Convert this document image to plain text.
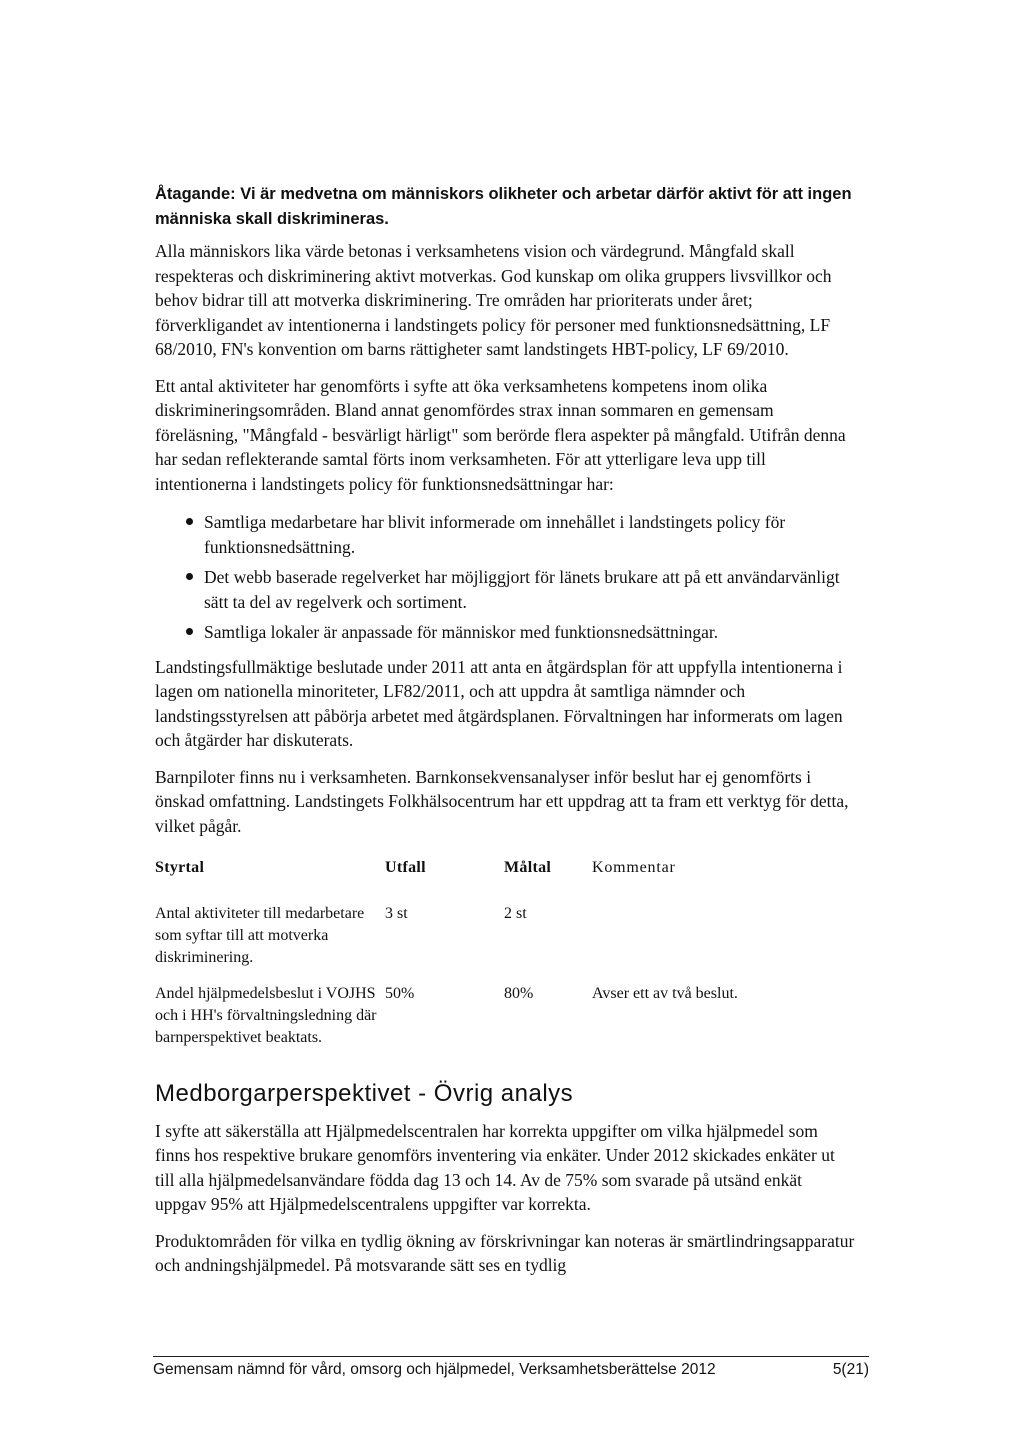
Åtagande: Vi är medvetna om människors olikheter och arbetar därför aktivt för att ingen människa skall diskrimineras.

Alla människors lika värde betonas i verksamhetens vision och värdegrund. Mångfald skall respekteras och diskriminering aktivt motverkas. God kunskap om olika gruppers livsvillkor och behov bidrar till att motverka diskriminering. Tre områden har prioriterats under året; förverkligandet av intentionerna i landstingets policy för personer med funktionsnedsättning, LF 68/2010, FN's konvention om barns rättigheter samt landstingets HBT-policy, LF 69/2010.

Ett antal aktiviteter har genomförts i syfte att öka verksamhetens kompetens inom olika diskrimineringsområden. Bland annat genomfördes strax innan sommaren en gemensam föreläsning, "Mångfald - besvärligt härligt" som berörde flera aspekter på mångfald. Utifrån denna har sedan reflekterande samtal förts inom verksamheten. För att ytterligare leva upp till intentionerna i landstingets policy för funktionsnedsättningar har:

Samtliga medarbetare har blivit informerade om innehållet i landstingets policy för funktionsnedsättning.
Det webb baserade regelverket har möjliggjort för länets brukare att på ett användarvänligt sätt ta del av regelverk och sortiment.
Samtliga lokaler är anpassade för människor med funktionsnedsättningar.

Landstingsfullmäktige beslutade under 2011 att anta en åtgärdsplan för att uppfylla intentionerna i lagen om nationella minoriteter, LF82/2011, och att uppdra åt samtliga nämnder och landstingsstyrelsen att påbörja arbetet med åtgärdsplanen. Förvaltningen har informerats om lagen och åtgärder har diskuterats.

Barnpiloter finns nu i verksamheten. Barnkonsekvensanalyser inför beslut har ej genomförts i önskad omfattning. Landstingets Folkhälsocentrum har ett uppdrag att ta fram ett verktyg för detta, vilket pågår.

Styrtal	Utfall	Måltal	Kommentar
Antal aktiviteter till medarbetare som syftar till att motverka diskriminering.	3 st	2 st	
Andel hjälpmedelsbeslut i VOJHS och i HH's förvaltningsledning där barnperspektivet beaktats.	50%	80%	Avser ett av två beslut.
Medborgarperspektivet - Övrig analys

I syfte att säkerställa att Hjälpmedelscentralen har korrekta uppgifter om vilka hjälpmedel som finns hos respektive brukare genomförs inventering via enkäter. Under 2012 skickades enkäter ut till alla hjälpmedelsanvändare födda dag 13 och 14. Av de 75% som svarade på utsänd enkät uppgav 95% att Hjälpmedelscentralens uppgifter var korrekta.

Produktområden för vilka en tydlig ökning av förskrivningar kan noteras är smärtlindringsapparatur och andningshjälpmedel. På motsvarande sätt ses en tydlig

Gemensam nämnd för vård, omsorg och hjälpmedel, Verksamhetsberättelse 2012	5(21)
